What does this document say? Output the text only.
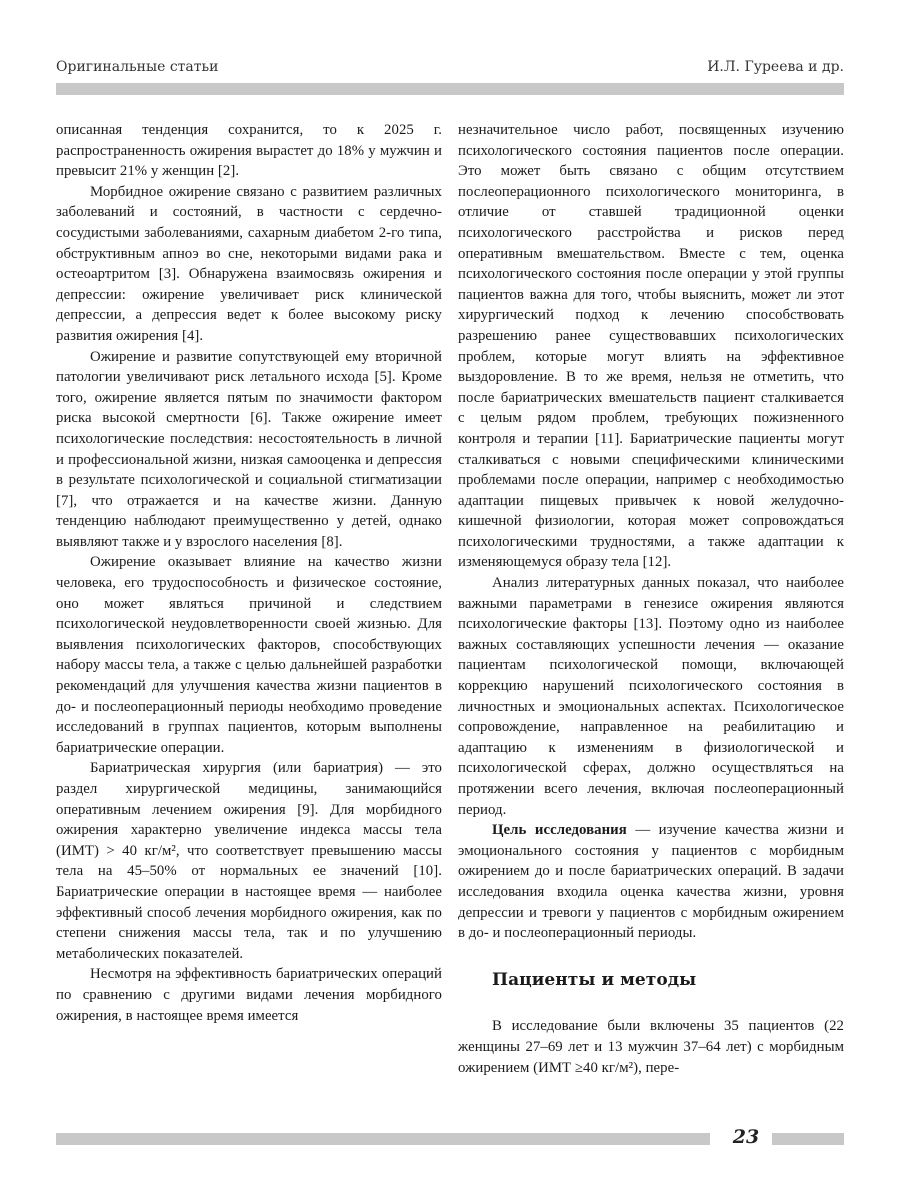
Оригинальные статьи	И.Л. Гуреева и др.

описанная тенденция сохранится, то к 2025 г. распространенность ожирения вырастет до 18% у мужчин и превысит 21% у женщин [2].

Морбидное ожирение связано с развитием различных заболеваний и состояний, в частности с сердечно-сосудистыми заболеваниями, сахарным диабетом 2-го типа, обструктивным апноэ во сне, некоторыми видами рака и остеоартритом [3]. Обнаружена взаимосвязь ожирения и депрессии: ожирение увеличивает риск клинической депрессии, а депрессия ведет к более высокому риску развития ожирения [4].

Ожирение и развитие сопутствующей ему вторичной патологии увеличивают риск летального исхода [5]. Кроме того, ожирение является пятым по значимости фактором риска высокой смертности [6]. Также ожирение имеет психологические последствия: несостоятельность в личной и профессиональной жизни, низкая самооценка и депрессия в результате психологической и социальной стигматизации [7], что отражается и на качестве жизни. Данную тенденцию наблюдают преимущественно у детей, однако выявляют также и у взрослого населения [8].

Ожирение оказывает влияние на качество жизни человека, его трудоспособность и физическое состояние, оно может являться причиной и следствием психологической неудовлетворенности своей жизнью. Для выявления психологических факторов, способствующих набору массы тела, а также с целью дальнейшей разработки рекомендаций для улучшения качества жизни пациентов в до- и послеоперационный периоды необходимо проведение исследований в группах пациентов, которым выполнены бариатрические операции.

Бариатрическая хирургия (или бариатрия) — это раздел хирургической медицины, занимающийся оперативным лечением ожирения [9]. Для морбидного ожирения характерно увеличение индекса массы тела (ИМТ) > 40 кг/м², что соответствует превышению массы тела на 45–50% от нормальных ее значений [10]. Бариатрические операции в настоящее время — наиболее эффективный способ лечения морбидного ожирения, как по степени снижения массы тела, так и по улучшению метаболических показателей.

Несмотря на эффективность бариатрических операций по сравнению с другими видами лечения морбидного ожирения, в настоящее время имеется

незначительное число работ, посвященных изучению психологического состояния пациентов после операции. Это может быть связано с общим отсутствием послеоперационного психологического мониторинга, в отличие от ставшей традиционной оценки психологического расстройства и рисков перед оперативным вмешательством. Вместе с тем, оценка психологического состояния после операции у этой группы пациентов важна для того, чтобы выяснить, может ли этот хирургический подход к лечению способствовать разрешению ранее существовавших психологических проблем, которые могут влиять на эффективное выздоровление. В то же время, нельзя не отметить, что после бариатрических вмешательств пациент сталкивается с целым рядом проблем, требующих пожизненного контроля и терапии [11]. Бариатрические пациенты могут сталкиваться с новыми специфическими клиническими проблемами после операции, например с необходимостью адаптации пищевых привычек к новой желудочно-кишечной физиологии, которая может сопровождаться психологическими трудностями, а также адаптации к изменяющемуся образу тела [12].

Анализ литературных данных показал, что наиболее важными параметрами в генезисе ожирения являются психологические факторы [13]. Поэтому одно из наиболее важных составляющих успешности лечения — оказание пациентам психологической помощи, включающей коррекцию нарушений психологического состояния в личностных и эмоциональных аспектах. Психологическое сопровождение, направленное на реабилитацию и адаптацию к изменениям в физиологической и психологической сферах, должно осуществляться на протяжении всего лечения, включая послеоперационный период.

Цель исследования — изучение качества жизни и эмоционального состояния у пациентов с морбидным ожирением до и после бариатрических операций. В задачи исследования входила оценка качества жизни, уровня депрессии и тревоги у пациентов с морбидным ожирением в до- и послеоперационный периоды.

Пациенты и методы

В исследование были включены 35 пациентов (22 женщины 27–69 лет и 13 мужчин 37–64 лет) с морбидным ожирением (ИМТ ≥40 кг/м²), пере-

23
